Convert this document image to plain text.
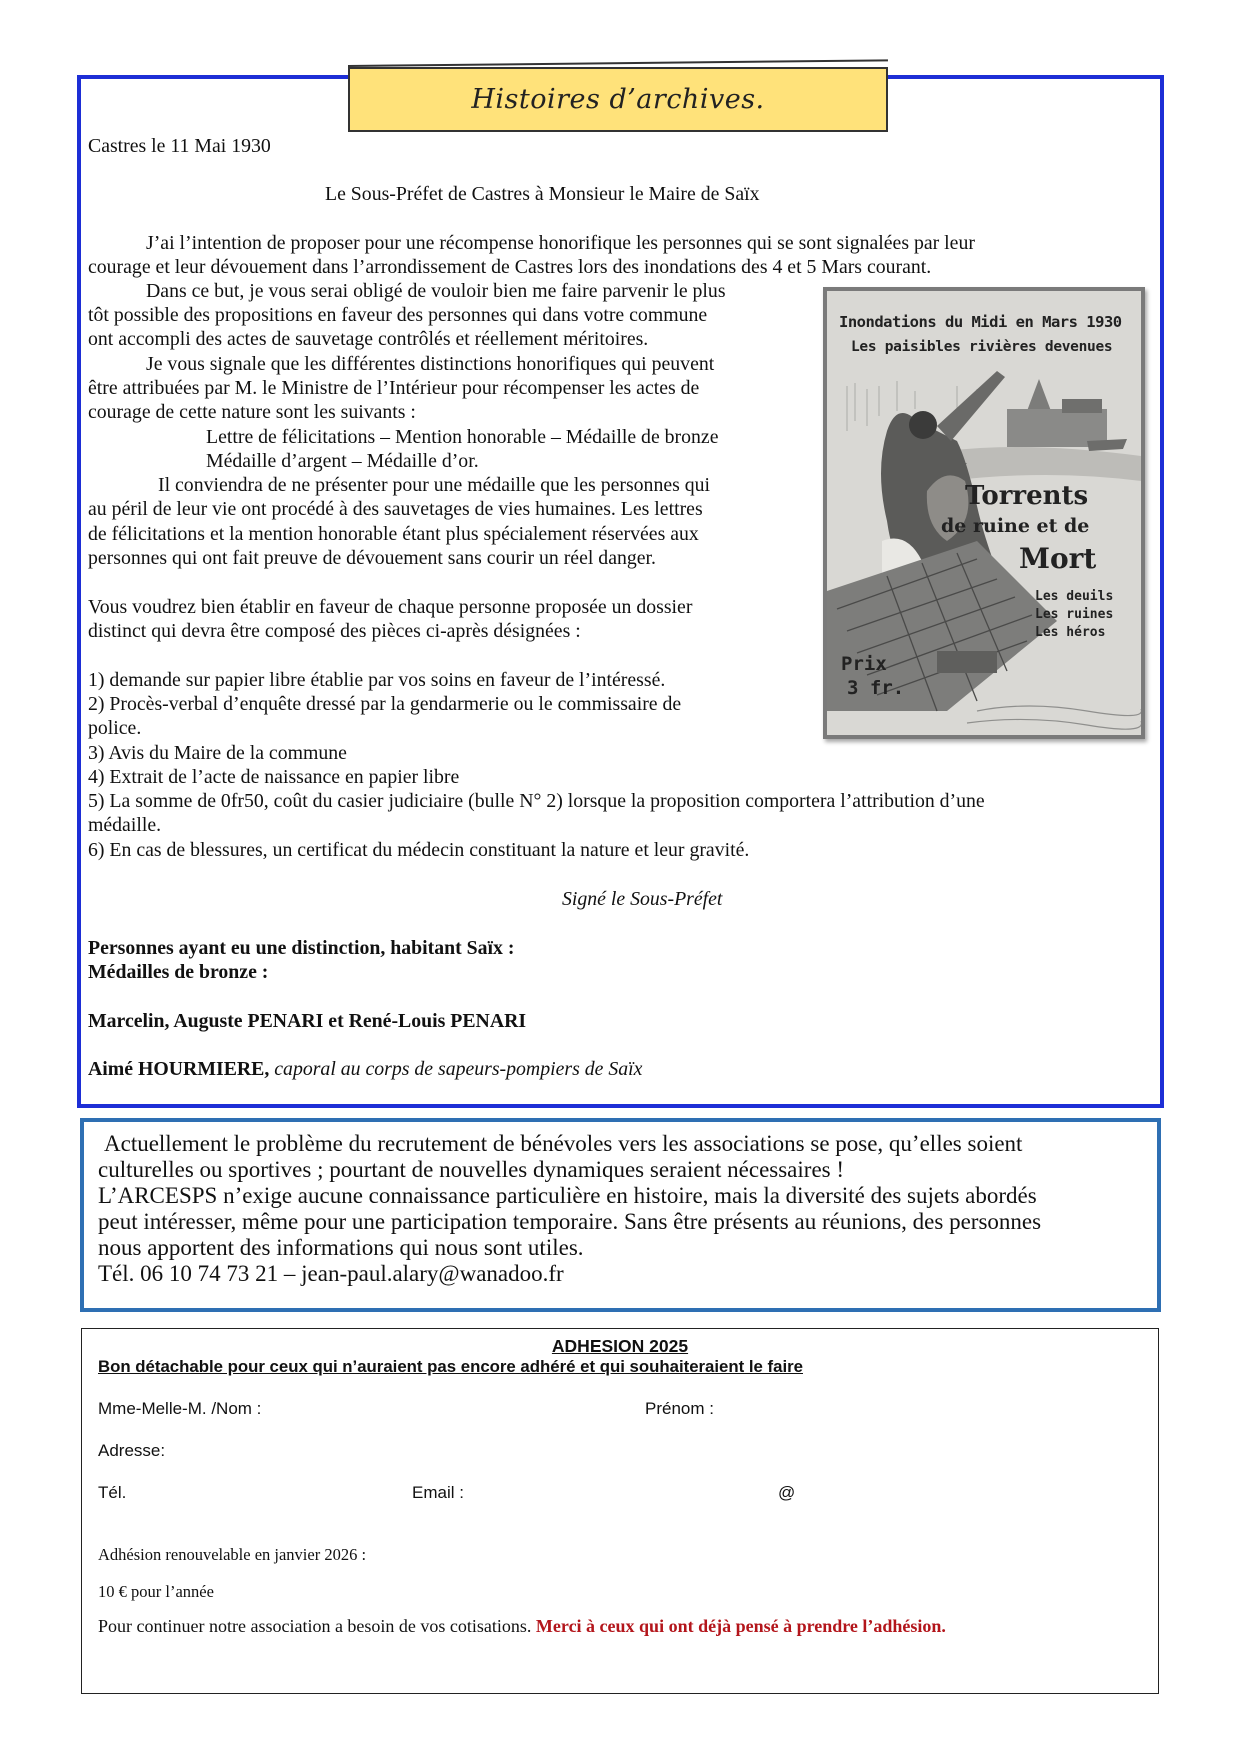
Histoires d’archives.
Castres le 11 Mai 1930
Le Sous-Préfet de Castres à Monsieur le Maire de Saïx
J’ai l’intention de proposer pour une récompense honorifique les personnes qui se sont signalées par leur
courage et leur dévouement dans l’arrondissement de Castres lors des inondations des 4 et 5 Mars courant.
Dans ce but, je vous serai obligé de vouloir bien me faire parvenir le plus
tôt possible des propositions en faveur des personnes qui dans votre commune
ont accompli des actes de sauvetage contrôlés et réellement méritoires.
Je vous signale que les différentes distinctions honorifiques qui peuvent
être attribuées par M. le Ministre de l’Intérieur pour récompenser les actes de
courage de cette nature sont les suivants :
Lettre de félicitations – Mention honorable – Médaille de bronze
Médaille d’argent – Médaille d’or.
Il conviendra de ne présenter pour une médaille que les personnes qui
au péril de leur vie ont procédé à des sauvetages de vies humaines. Les lettres
de félicitations et la mention honorable étant plus spécialement réservées aux
personnes qui ont fait preuve de dévouement sans courir un réel danger.
Vous voudrez bien établir en faveur de chaque personne proposée un dossier
distinct qui devra être composé des pièces ci-après désignées :
1) demande sur papier libre établie par vos soins en faveur de l’intéressé.
2) Procès-verbal d’enquête dressé par la gendarmerie ou le commissaire de
police.
3) Avis du Maire de la commune
4) Extrait de l’acte de naissance en papier libre
5) La somme de 0fr50, coût du casier judiciaire (bulle N° 2) lorsque la proposition comportera l’attribution d’une
médaille.
6) En cas de blessures, un certificat du médecin constituant la nature et leur gravité.
Signé le Sous-Préfet
Personnes ayant eu une distinction, habitant Saïx :
Médailles de bronze :
Marcelin, Auguste PENARI et René-Louis PENARI
Aimé HOURMIERE, caporal au corps de sapeurs-pompiers de Saïx
Inondations du Midi en Mars 1930
Les paisibles rivières devenues
Torrents
de ruine et de
Mort
Les deuils
Les ruines
Les héros
Prix
3 fr.
Actuellement le problème du recrutement de bénévoles vers les associations se pose, qu’elles soient
culturelles ou sportives ; pourtant de nouvelles dynamiques seraient nécessaires !
L’ARCESPS n’exige aucune connaissance particulière en histoire, mais la diversité des sujets abordés
peut intéresser, même pour une participation temporaire. Sans être présents au réunions, des personnes
nous apportent des informations qui nous sont utiles.
Tél. 06 10 74 73 21 – jean-paul.alary@wanadoo.fr
ADHESION 2025
Bon détachable pour ceux qui n’auraient pas encore adhéré et qui souhaiteraient le faire
Mme-Melle-M. /Nom :	Prénom :
Adresse:
Tél.	Email :	@
Adhésion renouvelable en janvier 2026 :
10 € pour l’année
Pour continuer notre association a besoin de vos cotisations. Merci à ceux qui ont déjà pensé à prendre l’adhésion.
